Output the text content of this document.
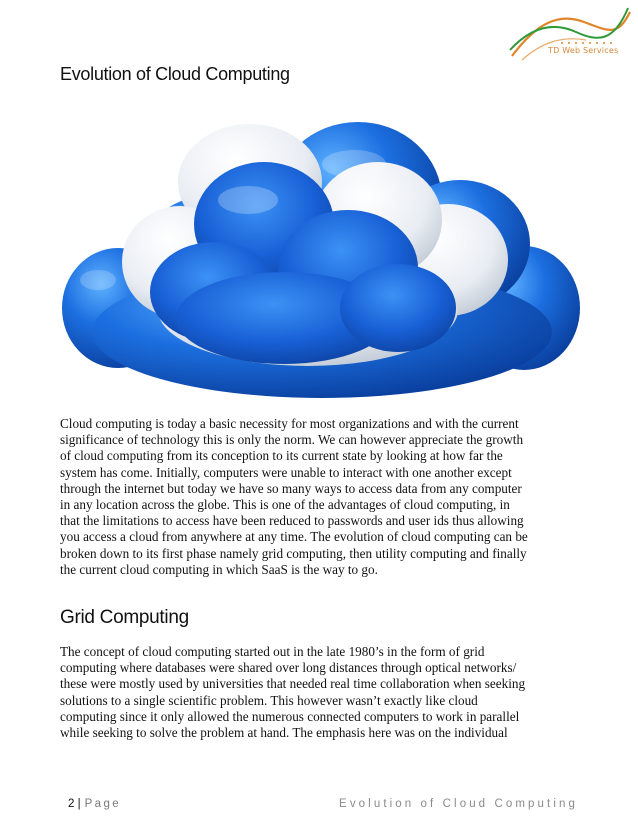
TD Web Services
Evolution of Cloud Computing
Cloud computing is today a basic necessity for most organizations and with the current
significance of technology this is only the norm. We can however appreciate the growth
of cloud computing from its conception to its current state by looking at how far the
system has come. Initially, computers were unable to interact with one another except
through the internet but today we have so many ways to access data from any computer
in any location across the globe. This is one of the advantages of cloud computing, in
that the limitations to access have been reduced to passwords and user ids thus allowing
you access a cloud from anywhere at any time. The evolution of cloud computing can be
broken down to its first phase namely grid computing, then utility computing and finally
the current cloud computing in which SaaS is the way to go.
Grid Computing
The concept of cloud computing started out in the late 1980’s in the form of grid
computing where databases were shared over long distances through optical networks/
these were mostly used by universities that needed real time collaboration when seeking
solutions to a single scientific problem. This however wasn’t exactly like cloud
computing since it only allowed the numerous connected computers to work in parallel
while seeking to solve the problem at hand. The emphasis here was on the individual
2 | Page	Evolution of Cloud Computing
